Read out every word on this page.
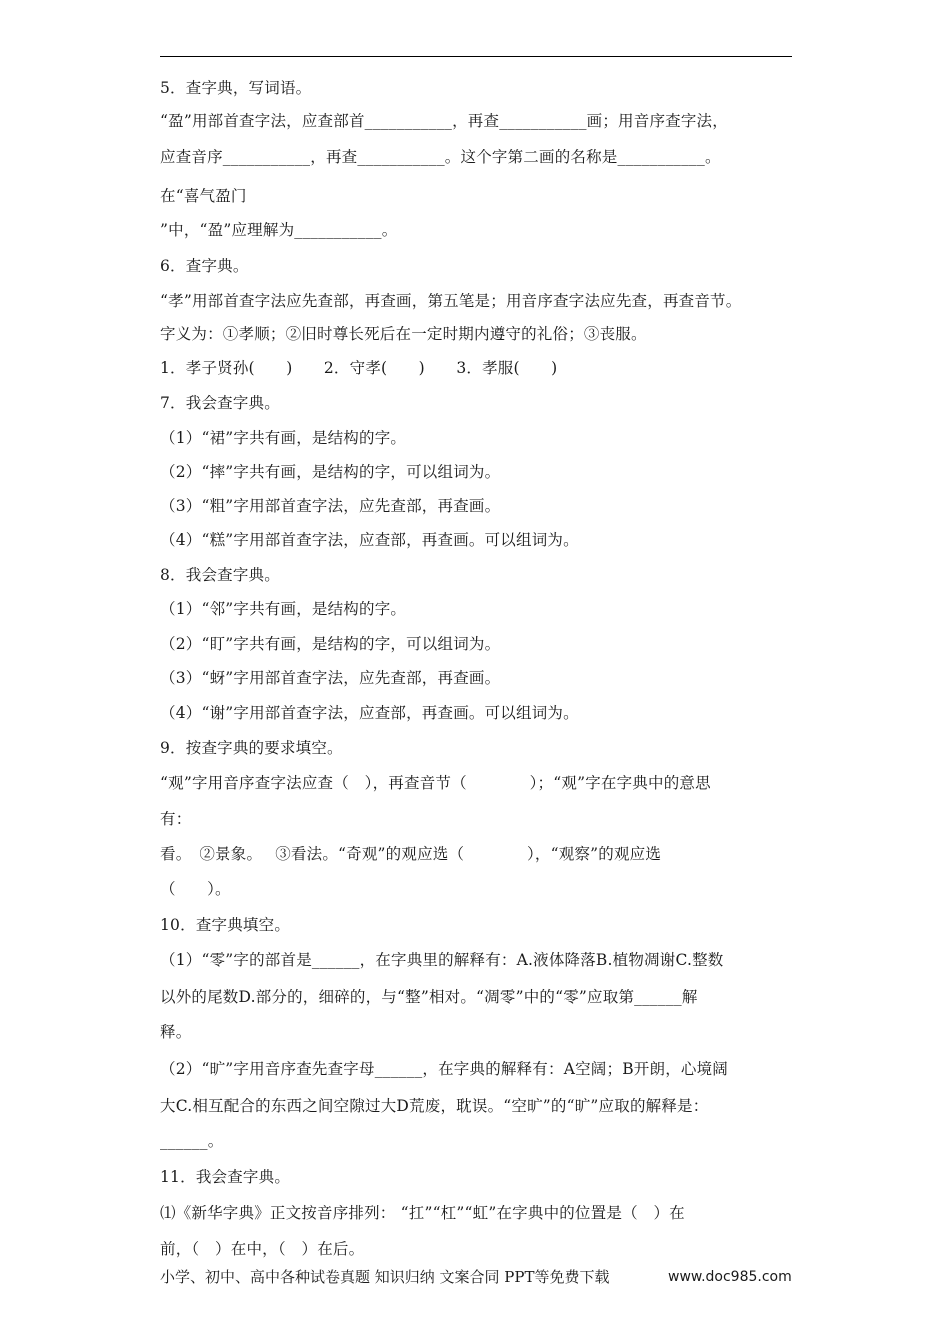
5．查字典，写词语。
“盈”用部首查字法，应查部首___________，再查___________画；用音序查字法，
应查音序___________，再查___________。这个字第二画的名称是___________。
在“喜气盈门
”中，“盈”应理解为___________。
6．查字典。
“孝”用部首查字法应先查部，再查画，第五笔是；用音序查字法应先查，再查音节。
字义为：①孝顺；②旧时尊长死后在一定时期内遵守的礼俗；③丧服。
1．孝子贤孙(　　)　　2．守孝(　　)　　3．孝服(　　)
7．我会查字典。
（1）“裙”字共有画，是结构的字。
（2）“摔”字共有画，是结构的字，可以组词为。
（3）“粗”字用部首查字法，应先查部，再查画。
（4）“糕”字用部首查字法，应查部，再查画。可以组词为。
8．我会查字典。
（1）“邻”字共有画，是结构的字。
（2）“盯”字共有画，是结构的字，可以组词为。
（3）“蚜”字用部首查字法，应先查部，再查画。
（4）“谢”字用部首查字法，应查部，再查画。可以组词为。
9．按查字典的要求填空。
“观”字用音序查字法应查（　），再查音节（　　　　）；“观”字在字典中的意思
有：
看。　②景象。　 ③看法。“奇观”的观应选（　　　　），“观察”的观应选
（　　）。
10．查字典填空。
（1）“零”字的部首是______，在字典里的解释有：A.液体降落B.植物凋谢C.整数
以外的尾数D.部分的，细碎的，与“整”相对。“凋零”中的“零”应取第______解
释。
（2）“旷”字用音序查先查字母______，在字典的解释有：A空阔；B开朗，心境阔
大C.相互配合的东西之间空隙过大D荒废，耽误。“空旷”的“旷”应取的解释是：
______。
11．我会查字典。
⑴《新华字典》正文按音序排列： “扛”“杠”“虹”在字典中的位置是（　）在
前，（　）在中，（　）在后。
小学、初中、高中各种试卷真题 知识归纳 文案合同 PPT等免费下载	www.doc985.com
